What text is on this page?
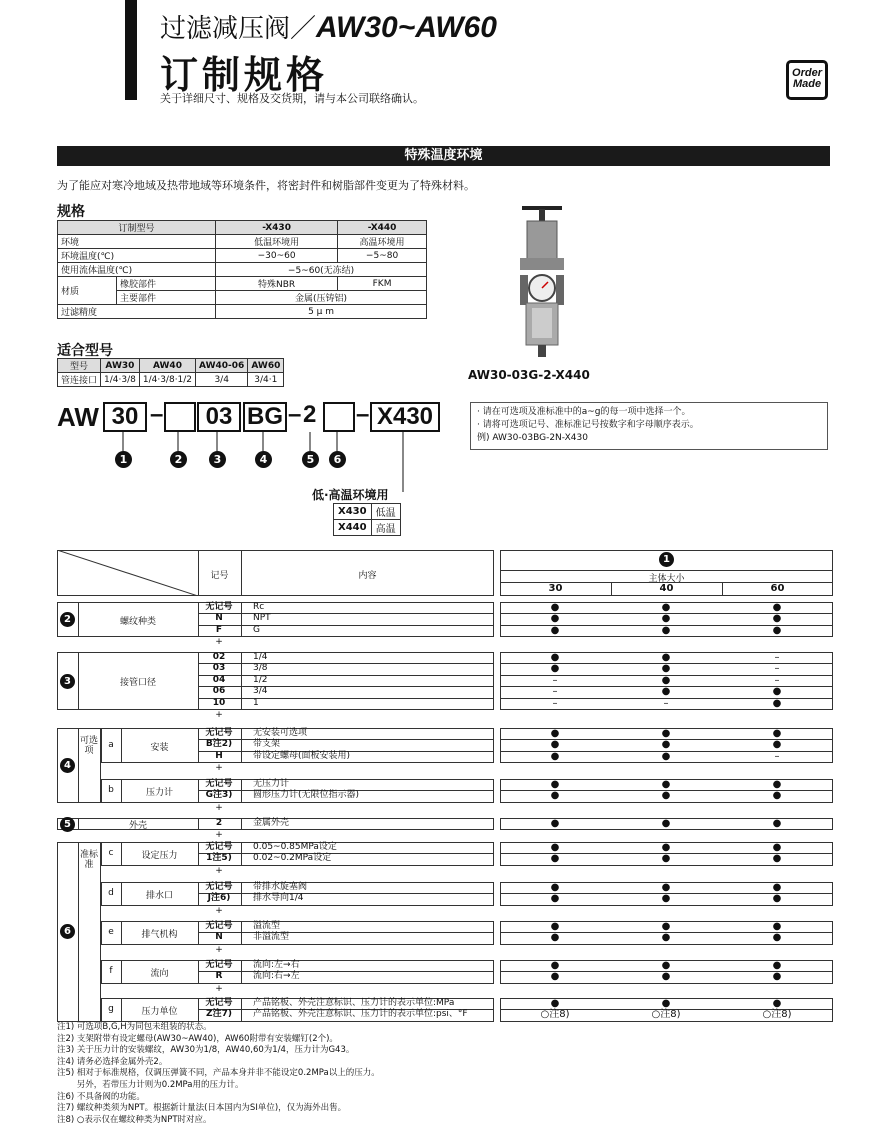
过滤减压阀／AW30~AW60
订制规格
关于详细尺寸、规格及交货期，请与本公司联络确认。
Order
Made
特殊温度环境
为了能应对寒冷地域及热带地域等环境条件，将密封件和树脂部件变更为了特殊材料。
规格
订制型号		-X430	-X440
环境		低温环境用	高温环境用
环境温度(℃)		−30~60	−5~80
使用流体温度(℃)		−5~60(无冻结)	
材质	橡胶部件	特殊NBR	FKM
	主要部件	金属(压铸铝)	
过滤精度		5 μ m	
适合型号
型号	AW30	AW40	AW40-06	AW60
管连接口	1/4·3/8	1/4·3/8·1/2	3/4	3/4·1	AW30-03G-2-X440
AW 30 –	03 BG – 2 – X430
1	2	3	4	5	6
· 请在可选项及准标准中的a~g的每一项中选择一个。
· 请将可选项记号、准标准记号按数字和字母顺序表示。
例) AW30-03BG-2N-X430
低·高温环境用
X430	低温
X440	高温
记号	内容
1
主体大小
30	40	60
2	螺纹种类
无记号	Rc	●	●	●
N	NPT	●	●	●
F	G	●	●	●
+
3	接管口径
02	1/4	●	●	–
03	3/8	●	●	–
04	1/2	–	●	–
06	3/4	–	●	●
10	1	–	–	●
+
a	安装
无记号	无安装可选项	●	●	●
B注2)	带支架	●	●	●
H	带设定螺母(面板安装用)	●	●	–
+
b	压力计
无记号	无压力计	●	●	●
G注3)	圆形压力计(无限位指示器)	●	●	●
+
5	外壳	2	金属外壳	●	●	●
+
c	设定压力
无记号	0.05~0.85MPa设定	●	●	●
1注5)	0.02~0.2MPa设定	●	●	●
+
d	排水口
无记号	带排水旋塞阀	●	●	●
J注6)	排水导向1/4	●	●	●
+
e	排气机构
无记号	溢流型	●	●	●
N	非溢流型	●	●	●
+
f	流向
无记号	流向:左→右	●	●	●
R	流向:右→左	●	●	●
+
g	压力单位
无记号	产品铭板、外壳注意标识、压力计的表示单位:MPa	●	●	●
Z注7)	产品铭板、外壳注意标识、压力计的表示单位:psi、°F	○注8)	○注8)	○注8)
4
可选项
6
准标准
注1) 可选项B,G,H为同包未组装的状态。
注2) 支架附带有设定螺母(AW30~AW40)，AW60附带有安装螺钉(2个)。
注3) 关于压力计的安装螺纹，AW30为1/8，AW40,60为1/4，压力计为G43。
注4) 请务必选择金属外壳2。
注5) 相对于标准规格，仅调压弹簧不同，产品本身并非不能设定0.2MPa以上的压力。
　　 另外，若带压力计则为0.2MPa用的压力计。
注6) 不具备阀的功能。
注7) 螺纹种类须为NPT。根据新计量法(日本国内为SI单位)，仅为海外出售。
注8) ○表示仅在螺纹种类为NPT时对应。
